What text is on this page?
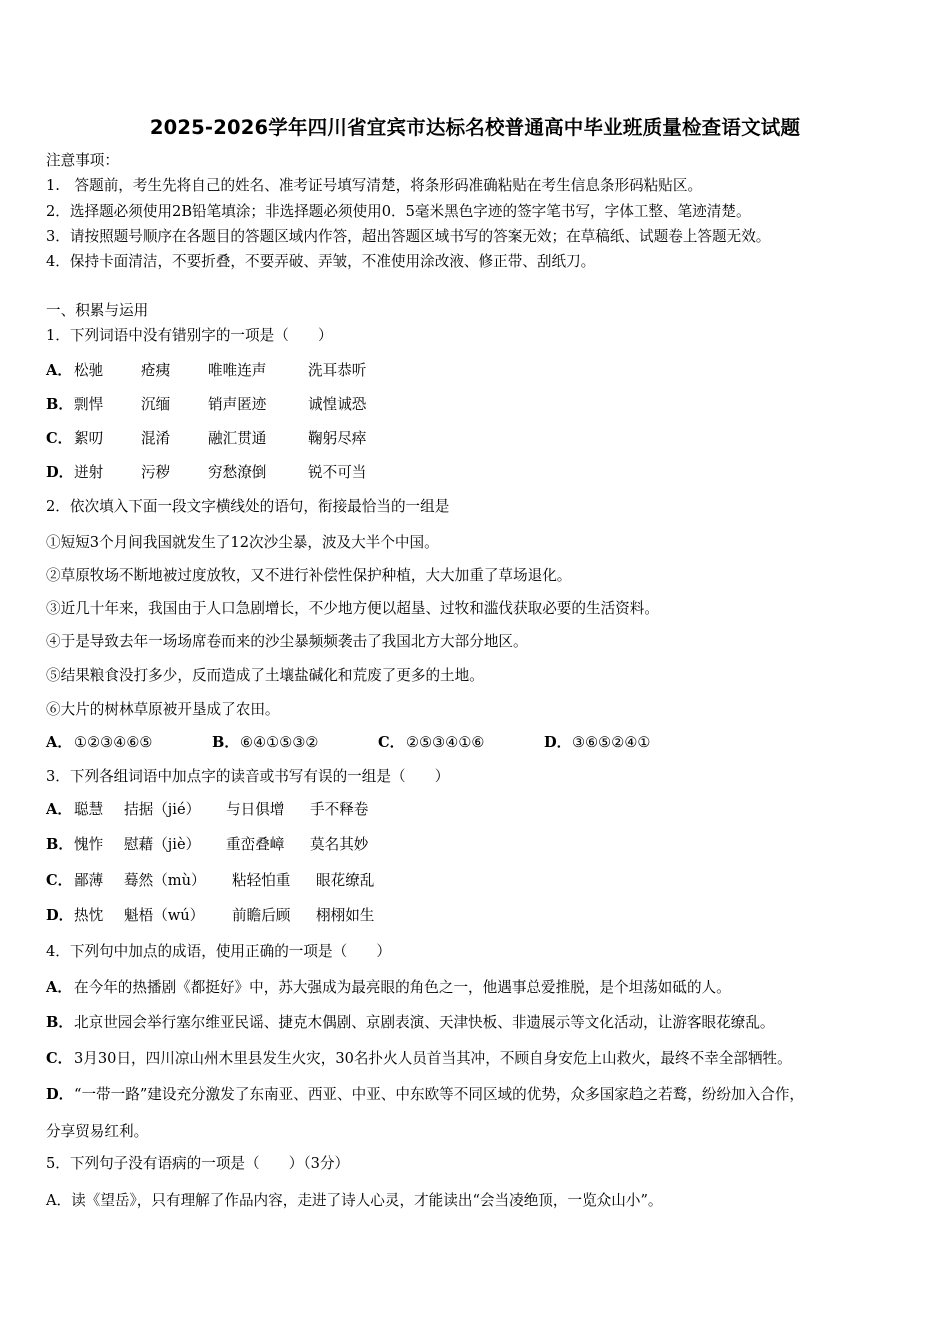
2025-2026学年四川省宜宾市达标名校普通高中毕业班质量检查语文试题
注意事项：
1.　答题前，考生先将自己的姓名、准考证号填写清楚，将条形码准确粘贴在考生信息条形码粘贴区。
2．选择题必须使用2B铅笔填涂；非选择题必须使用0．5毫米黑色字迹的签字笔书写，字体工整、笔迹清楚。
3．请按照题号顺序在各题目的答题区域内作答，超出答题区域书写的答案无效；在草稿纸、试题卷上答题无效。
4．保持卡面清洁，不要折叠，不要弄破、弄皱，不准使用涂改液、修正带、刮纸刀。
一、积累与运用
1．下列词语中没有错别字的一项是（　　）
A． 松驰	疮痍	唯唯连声	洗耳恭听
B．剽悍	沉缅	销声匿迹	诚惶诚恐
C． 絮叨	混淆	融汇贯通	鞠躬尽瘁
D．迸射	污秽	穷愁潦倒	锐不可当
2．依次填入下面一段文字横线处的语句，衔接最恰当的一组是
①短短3个月间我国就发生了12次沙尘暴，波及大半个中国。
②草原牧场不断地被过度放牧，又不进行补偿性保护种植，大大加重了草场退化。
③近几十年来，我国由于人口急剧增长，不少地方便以超垦、过牧和滥伐获取必要的生活资料。
④于是导致去年一场场席卷而来的沙尘暴频频袭击了我国北方大部分地区。
⑤结果粮食没打多少，反而造成了土壤盐碱化和荒废了更多的土地。
⑥大片的树林草原被开垦成了农田。
A． ①②③④⑥⑤	B．⑥④①⑤③②	C． ②⑤③④①⑥	D．③⑥⑤②④①
3．下列各组词语中加点字的读音或书写有误的一组是（　　）
A． 聪慧 拮据（jié） 与日俱增 手不释卷
B．愧怍 慰藉（jiè） 重峦叠嶂 莫名其妙
C． 鄙薄 蓦然（mù） 粘轻怕重 眼花缭乱
D．热忱 魁梧（wú） 前瞻后顾 栩栩如生
4．下列句中加点的成语，使用正确的一项是（　　）
A． 在今年的热播剧《都挺好》中，苏大强成为最亮眼的角色之一，他遇事总爱推脱，是个坦荡如砥的人。
B．北京世园会举行塞尔维亚民谣、捷克木偶剧、京剧表演、天津快板、非遗展示等文化活动，让游客眼花缭乱。
C． 3月30日，四川凉山州木里县发生火灾，30名扑火人员首当其冲，不顾自身安危上山救火，最终不幸全部牺牲。
D．“一带一路”建设充分激发了东南亚、西亚、中亚、中东欧等不同区域的优势，众多国家趋之若鹜，纷纷加入合作，
分享贸易红利。
5．下列句子没有语病的一项是（　　）（3分）
A．读《望岳》，只有理解了作品内容，走进了诗人心灵，才能读出“会当凌绝顶，一览众山小”。
